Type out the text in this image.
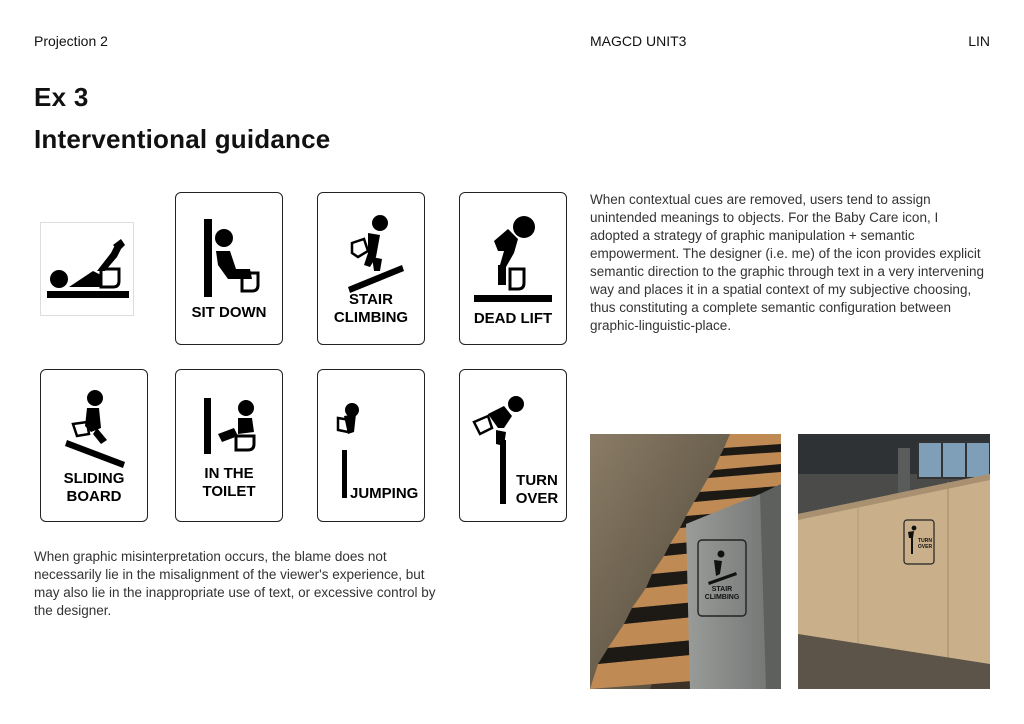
Projection 2	MAGCD UNIT3	LIN
Ex 3
Interventional guidance
When contextual cues are removed, users tend to assign unintended meanings to objects. For the Baby Care icon, I adopted a strategy of graphic manipulation + semantic empowerment. The designer (i.e. me) of the icon provides explicit semantic direction to the graphic through text in a very intervening way and places it in a spatial context of my subjective choosing, thus constituting a complete semantic configuration between graphic-linguistic-place.
When graphic misinterpretation occurs, the blame does not necessarily lie in the misalignment of the viewer's experience, but may also lie in the inappropriate use of text, or excessive control by the designer.
SIT DOWN
STAIR
CLIMBING	DEAD LIFT
SLIDING
BOARD
IN THE
TOILET	JUMPING
TURN
OVER
STAIR
CLIMBING
TURN
OVER
